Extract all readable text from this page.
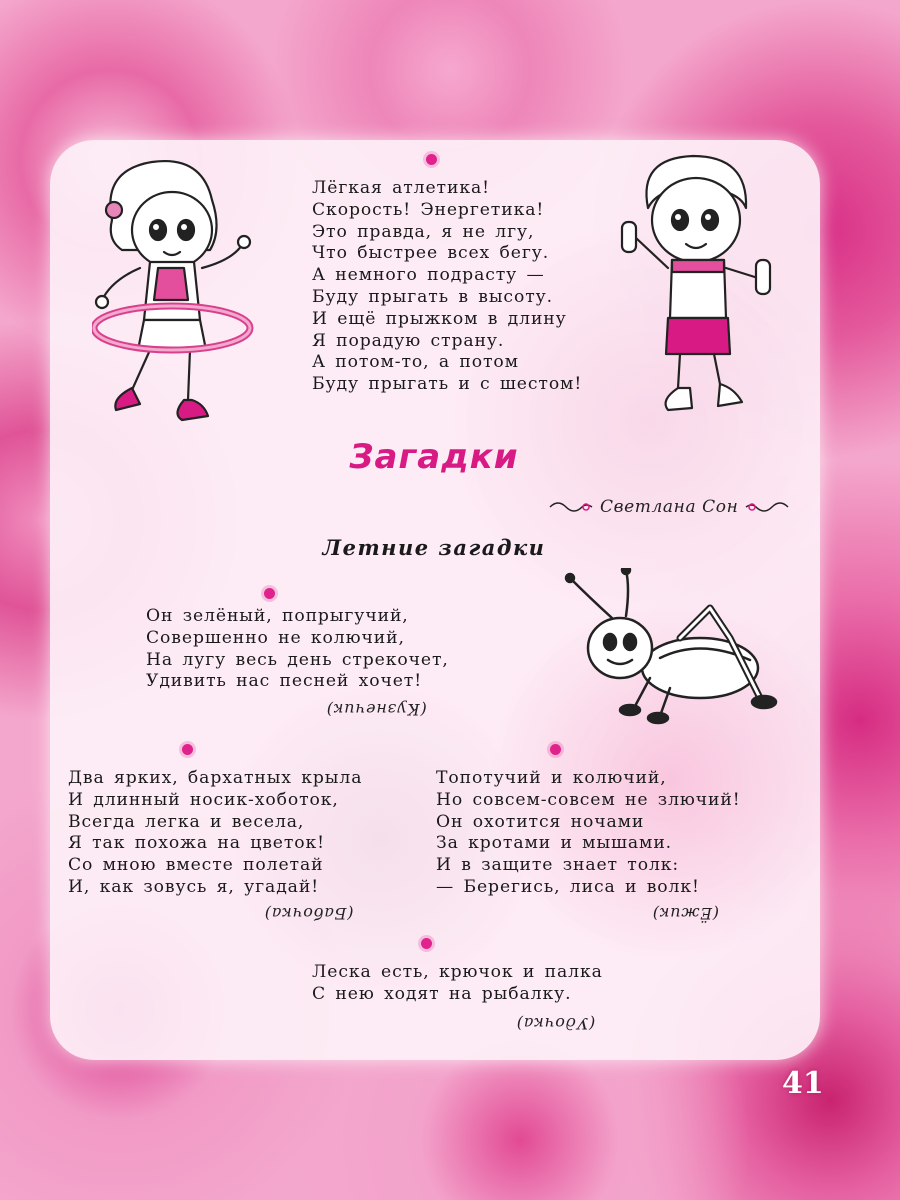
Лёгкая атлетика!
Скорость! Энергетика!
Это правда, я не лгу,
Что быстрее всех бегу.
А немного подрасту —
Буду прыгать в высоту.
И ещё прыжком в длину
Я порадую страну.
А потом-то, а потом
Буду прыгать и с шестом!
Загадки
Светлана Сон
Летние загадки
Он зелёный, попрыгучий,
Совершенно не колючий,
На лугу весь день стрекочет,
Удивить нас песней хочет!
(Кузнечик)
Два ярких, бархатных крыла
И длинный носик-хоботок,
Всегда легка и весела,
Я так похожа на цветок!
Со мною вместе полетай
И, как зовусь я, угадай!
(Бабочка)
Топотучий и колючий,
Но совсем-совсем не злючий!
Он охотится ночами
За кротами и мышами.
И в защите знает толк:
— Берегись, лиса и волк!
(Ёжик)
Леска есть, крючок и палка
С нею ходят на рыбалку.
(Удочка)
41
